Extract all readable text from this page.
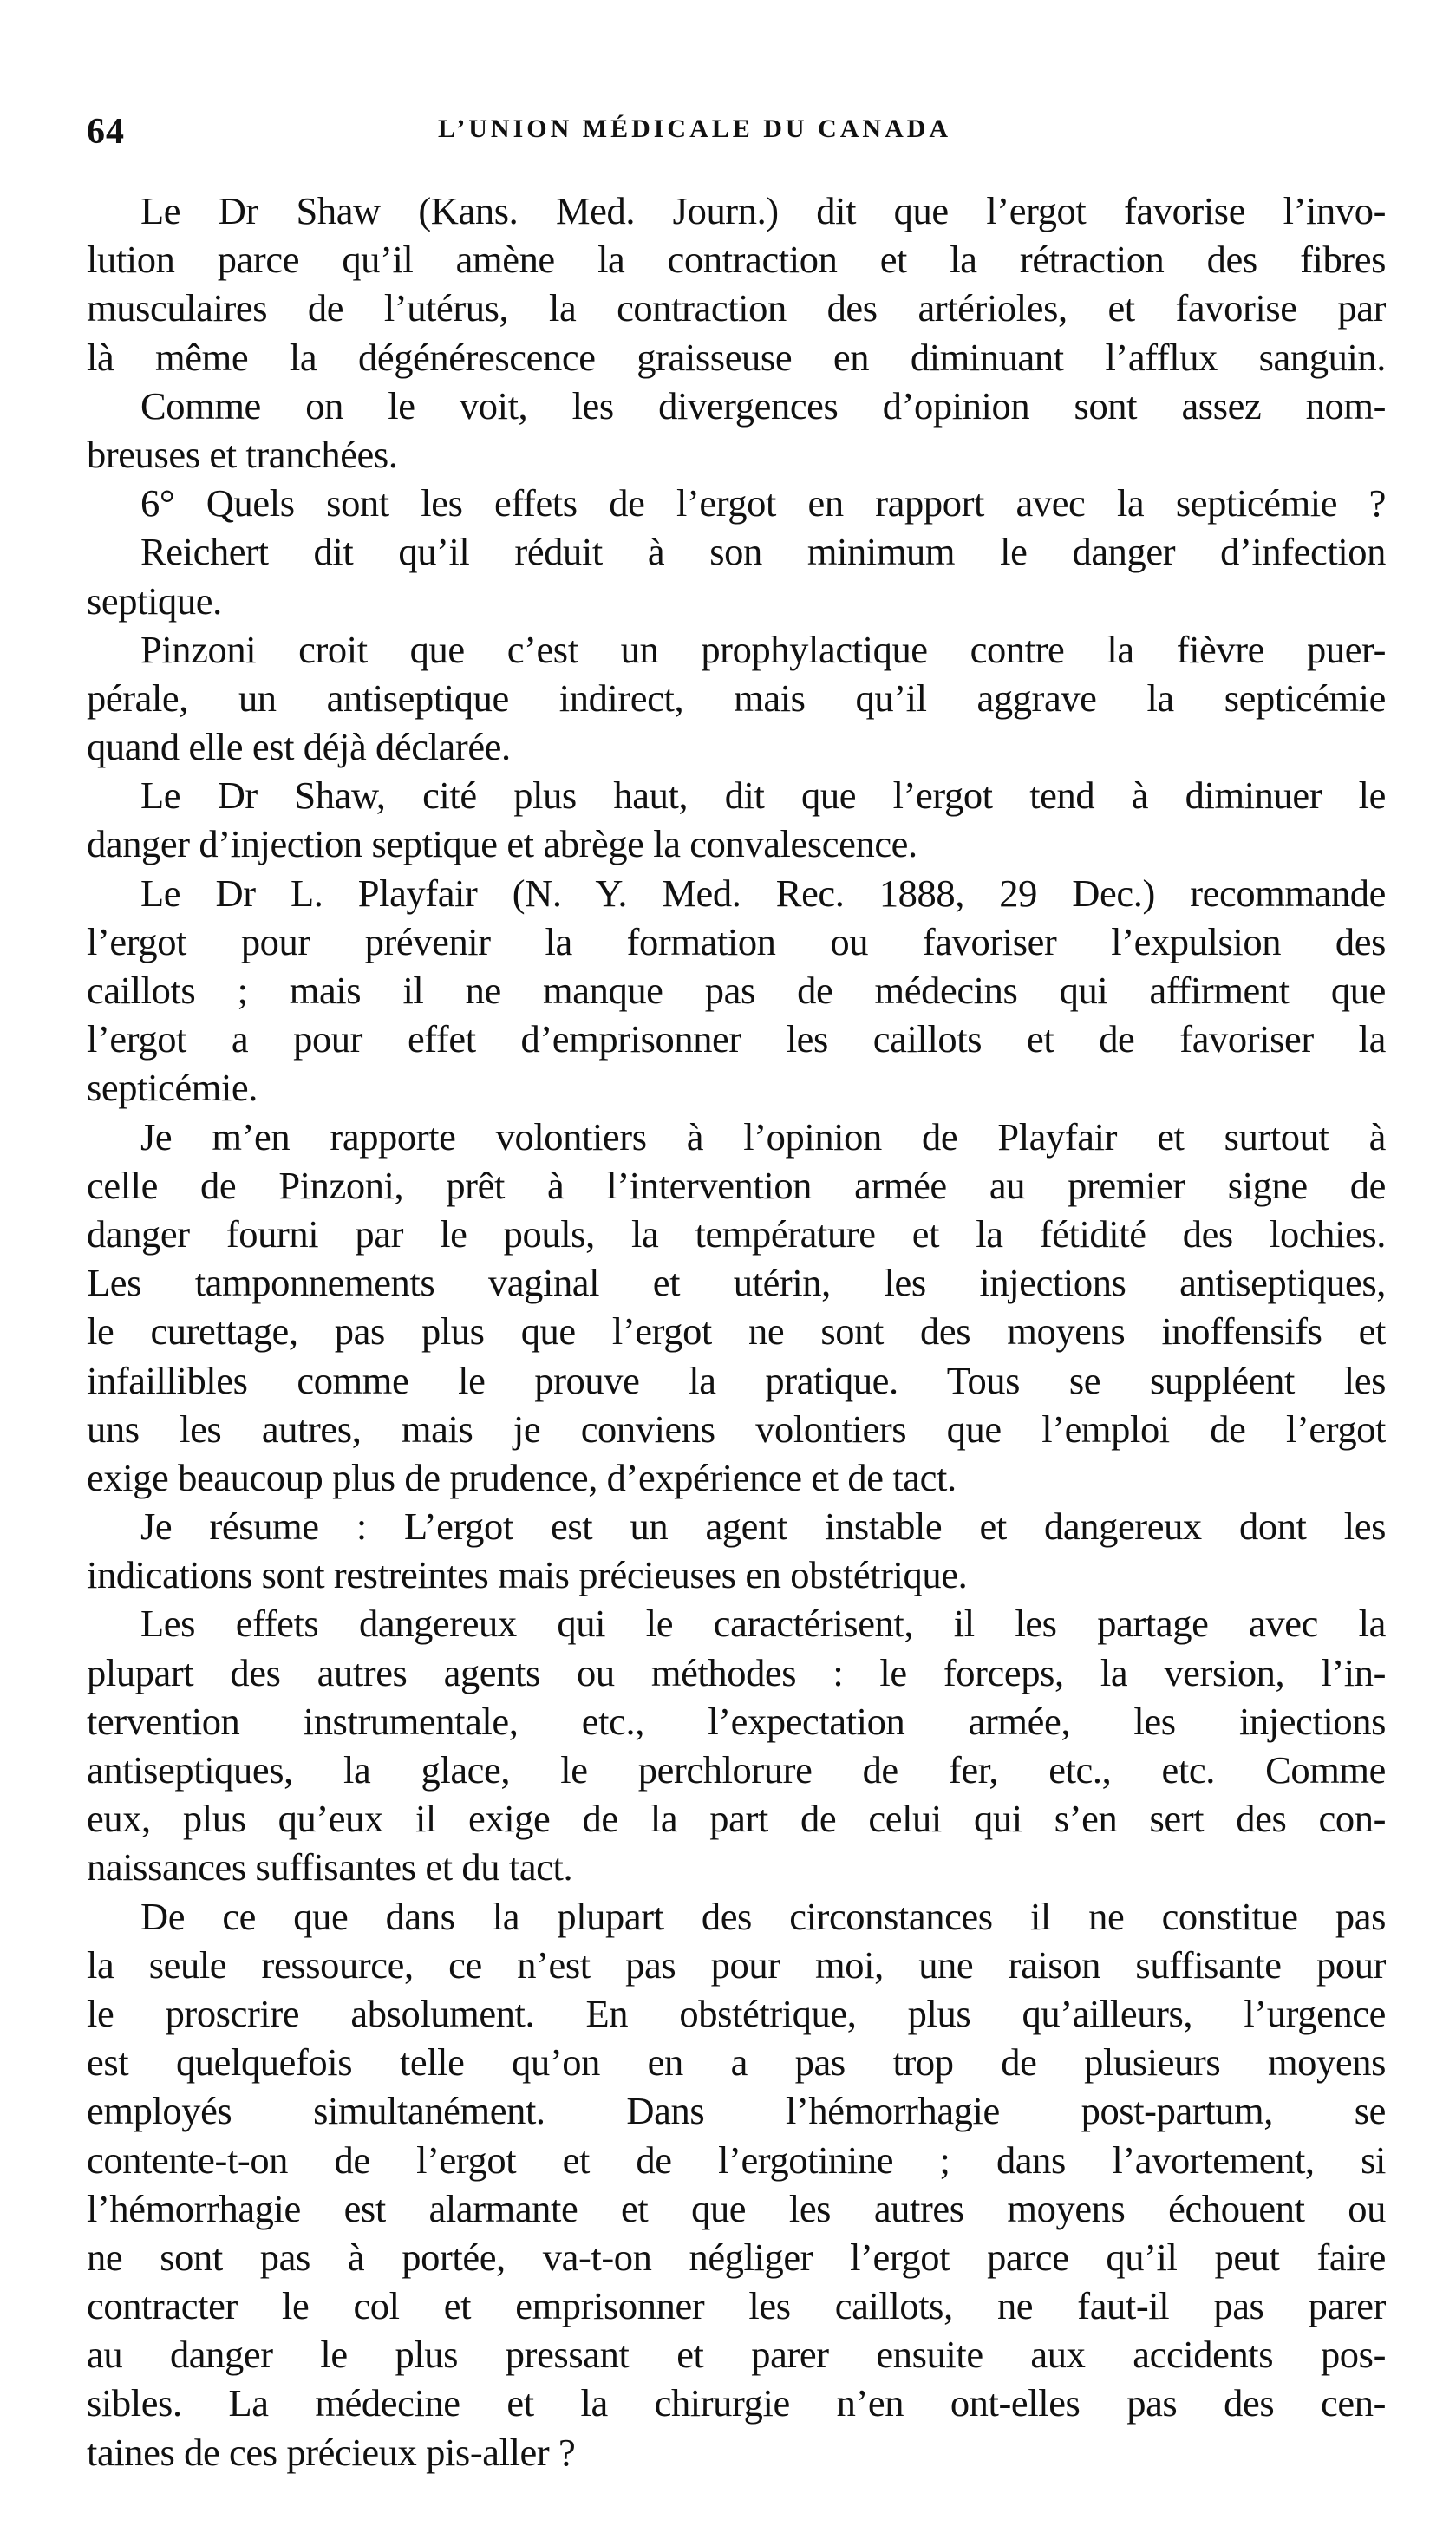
64	L’UNION MÉDICALE DU CANADA
Le Dr Shaw (Kans. Med. Journ.) dit que l’ergot favorise l’invo-
lution parce qu’il amène la contraction et la rétraction des fibres
musculaires de l’utérus, la contraction des artérioles, et favorise par
là même la dégénérescence graisseuse en diminuant l’afflux sanguin.
Comme on le voit, les divergences d’opinion sont assez nom-
breuses et tranchées.
6° Quels sont les effets de l’ergot en rapport avec la septicémie ?
Reichert dit qu’il réduit à son minimum le danger d’infection
septique.
Pinzoni croit que c’est un prophylactique contre la fièvre puer-
pérale, un antiseptique indirect, mais qu’il aggrave la septicémie
quand elle est déjà déclarée.
Le Dr Shaw, cité plus haut, dit que l’ergot tend à diminuer le
danger d’injection septique et abrège la convalescence.
Le Dr L. Playfair (N. Y. Med. Rec. 1888, 29 Dec.) recommande
l’ergot pour prévenir la formation ou favoriser l’expulsion des
caillots ; mais il ne manque pas de médecins qui affirment que
l’ergot a pour effet d’emprisonner les caillots et de favoriser la
septicémie.
Je m’en rapporte volontiers à l’opinion de Playfair et surtout à
celle de Pinzoni, prêt à l’intervention armée au premier signe de
danger fourni par le pouls, la température et la fétidité des lochies.
Les tamponnements vaginal et utérin, les injections antiseptiques,
le curettage, pas plus que l’ergot ne sont des moyens inoffensifs et
infaillibles comme le prouve la pratique. Tous se suppléent les
uns les autres, mais je conviens volontiers que l’emploi de l’ergot
exige beaucoup plus de prudence, d’expérience et de tact.
Je résume : L’ergot est un agent instable et dangereux dont les
indications sont restreintes mais précieuses en obstétrique.
Les effets dangereux qui le caractérisent, il les partage avec la
plupart des autres agents ou méthodes : le forceps, la version, l’in-
tervention instrumentale, etc., l’expectation armée, les injections
antiseptiques, la glace, le perchlorure de fer, etc., etc. Comme
eux, plus qu’eux il exige de la part de celui qui s’en sert des con-
naissances suffisantes et du tact.
De ce que dans la plupart des circonstances il ne constitue pas
la seule ressource, ce n’est pas pour moi, une raison suffisante pour
le proscrire absolument. En obstétrique, plus qu’ailleurs, l’urgence
est quelquefois telle qu’on en a pas trop de plusieurs moyens
employés simultanément. Dans l’hémorrhagie post-partum, se
contente-t-on de l’ergot et de l’ergotinine ; dans l’avortement, si
l’hémorrhagie est alarmante et que les autres moyens échouent ou
ne sont pas à portée, va-t-on négliger l’ergot parce qu’il peut faire
contracter le col et emprisonner les caillots, ne faut-il pas parer
au danger le plus pressant et parer ensuite aux accidents pos-
sibles. La médecine et la chirurgie n’en ont-elles pas des cen-
taines de ces précieux pis-aller ?
